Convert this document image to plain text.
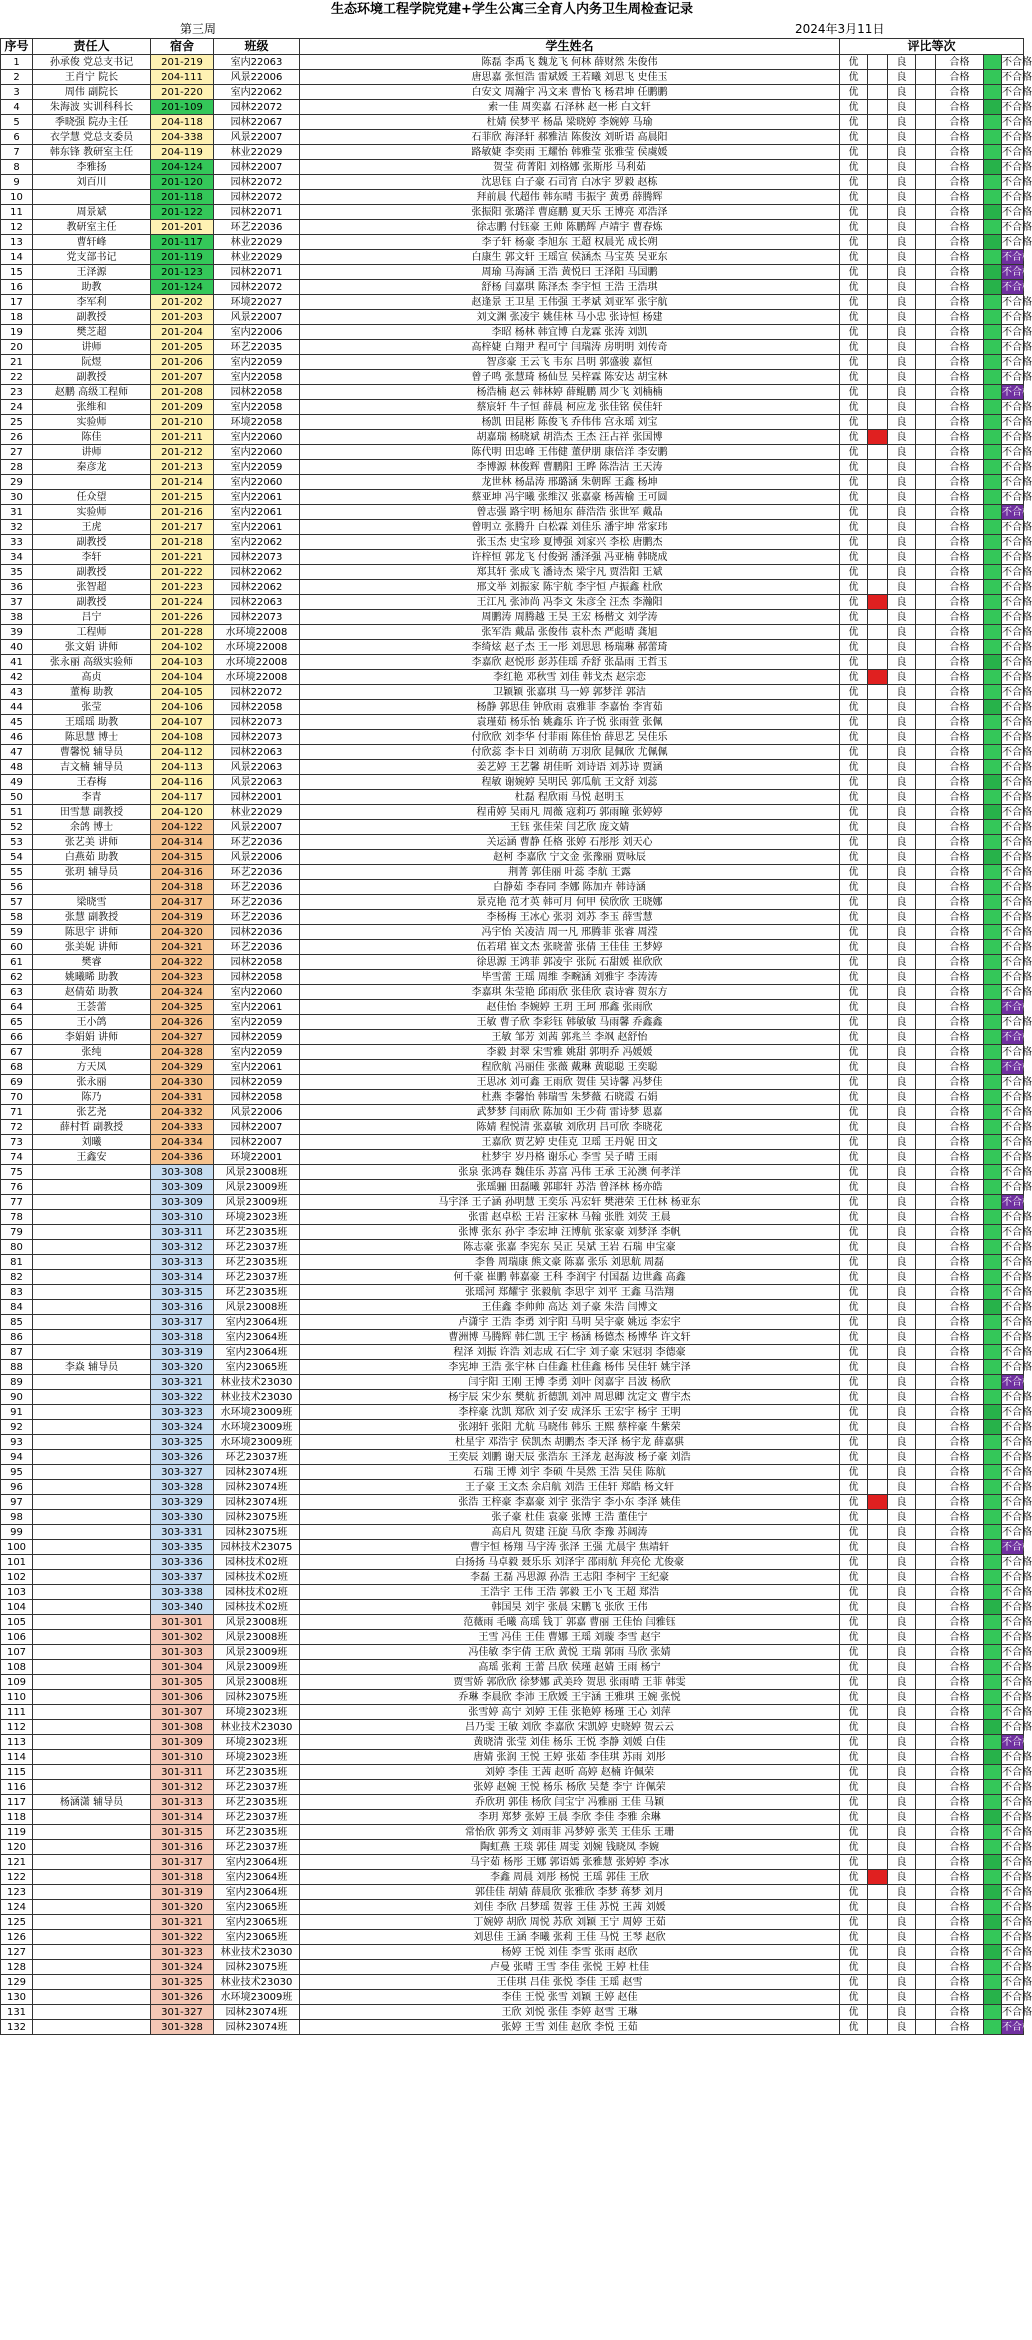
生态环境工程学院党建+学生公寓三全育人内务卫生周检查记录
第三周	2024年3月11日
序号	责任人	宿舍	班级	学生姓名	评比等次						
1	孙承俊 党总支书记	201-219	室内22063	陈磊 李禹飞 魏龙飞 何林 薛财然 朱俊伟	优		良		合格		不合格
2	王肖宁 院长	204-111	风景22006	唐思嘉 张恒浩 雷斌媛 王若曦 刘思飞 史佳玉	优		良		合格		不合格
3	周伟 副院长	201-220	室内22062	白安文 周瀚宇 冯文来 曹怡飞 杨君坤 任鹏鹏	优		良		合格		不合格
4	朱海波 实训科科长	201-109	园林22072	索一佳 周奕嘉 石泽林 赵一彬 白文轩	优		良		合格		不合格
5	季晓强 院办主任	204-118	园林22067	杜婧 侯梦平 杨晶 梁晓婷 李婉婷 马瑜	优		良		合格		不合格
6	衣学慧 党总支委员	204-338	风景22007	石菲欣 海泽轩 郝雅洁 陈俊汝 刘昕语 高晨阳	优		良		合格		不合格
7	韩东锋 教研室主任	204-119	林业22029	路敏婕 李奕雨 王耀怡 韩雅莹 张雅莹 侯虞媛	优		良		合格		不合格
8	李雅扬	204-124	园林22007	贺莹 荷菁阳 刘格娜 张斯彤 马利茹	优		良		合格		不合格
9	刘百川	201-120	园林22072	沈思钰 白子豪 石司宵 白冰宇 罗毅 赵栋	优		良		合格		不合格
10		201-118	园林22072	拜前晨 代超伟 韩东晴 韦振宇 黄勇 薛腾辉	优		良		合格		不合格
11	周景斌	201-122	园林22071	张振阳 张璐洋 曹庭鹏 夏天乐 王博亮 邓浩泽	优		良		合格		不合格
12	教研室主任	201-201	环艺22036	徐志鹏 付钰豪 王帅 陈鹏辉 卢靖宇 曹春炼	优		良		合格		不合格
13	曹轩峰	201-117	林业22029	李子轩 杨豪 李旭东 王超 权晨光 成长朔	优		良		合格		不合格
14	党支部书记	201-119	林业22029	白康生 郭文轩 王瑶宣 侯涵杰 马宝英 吴亚东	优		良		合格		不合格
15	王泽源	201-123	园林22071	周瑜 马海涵 王浩 黄悦曰 王泽阳 马国鹏	优		良		合格		不合格
16	助教	201-124	园林22072	舒杨 闫嘉琪 陈泽杰 李宇恒 王浩 王浩琪	优		良		合格		不合格
17	李军利	201-202	环境22027	赵逢景 王卫星 王伟强 王孝斌 刘亚军 张宇航	优		良		合格		不合格
18	副教授	201-203	风景22007	刘文渊 张凌宇 姚佳林 马小忠 张诗恒 杨建	优		良		合格		不合格
19	樊芝超	201-204	室内22006	李昭 杨林 韩宜博 白龙霖 张涛 刘凯	优		良		合格		不合格
20	讲师	201-205	环艺22035	高梓婕 白翔尹 程可宁 闫瑞涛 房明明 刘传奇	优		良		合格		不合格
21	阮煜	201-206	室内22059	智彦豪 王云飞 韦东 吕明 郭盛骏 嘉恒	优		良		合格		不合格
22	副教授	201-207	室内22058	曾子鸣 张慧琦 杨仙昱 吴梓霖 陈安达 胡宝林	优		良		合格		不合格
23	赵鹏 高级工程师	201-208	园林22058	杨浩楠 赵云 韩林婷 薛鲲鹏 周少飞 刘楠楠	优		良		合格		不合格
24	张维和	201-209	室内22058	蔡宸轩 牛子恒 薛晨 柯应龙 张佳铭 侯佳轩	优		良		合格		不合格
25	实验师	201-210	环境22058	杨凯 田昆彬 陈俊飞 乔伟伟 宫永瑶 刘宝	优		良		合格		不合格
26	陈佳	201-211	室内22060	胡嘉瑞 杨晓斌 胡浩杰 王杰 汪占祥 张国博	优		良		合格		不合格
27	讲师	201-212	室内22060	陈代明 田忠峰 王伟健 董伊朋 康倍洋 李安鹏	优		良		合格		不合格
28	秦彦龙	201-213	室内22059	李博源 林俊辉 曹鹏阳 王晔 陈浩洁 王天涛	优		良		合格		不合格
29		201-214	室内22060	龙世林 杨晶涛 邢璐涵 朱朝晖 王鑫 杨坤	优		良		合格		不合格
30	任众望	201-215	室内22061	蔡亚坤 冯宇曦 张维汉 张嘉豪 杨茜榆 王可圆	优		良		合格		不合格
31	实验师	201-216	室内22061	曾志强 路宇明 杨旭东 薛浩浩 张世军 戴晶	优		良		合格		不合格
32	王虎	201-217	室内22061	曾明立 张腾升 白松霖 刘佳乐 潘宇坤 常家玮	优		良		合格		不合格
33	副教授	201-218	室内22062	张玉杰 史宝珍 夏博强 刘家兴 李松 唐鹏杰	优		良		合格		不合格
34	李轩	201-221	园林22073	许梓恒 郭龙飞 付俊弼 潘泽强 冯亚楠 韩晓成	优		良		合格		不合格
35	副教授	201-222	园林22062	郑其轩 张成飞 潘诗杰 梁宇凡 贾浩阳 王斌	优		良		合格		不合格
36	张智超	201-223	园林22062	邢文举 刘振家 陈宇航 李宇恒 卢振鑫 杜欣	优		良		合格		不合格
37	副教授	201-224	园林22063	王江凡 张沛尚 冯李文 朱彦全 汪杰 李瀚阳	优		良		合格		不合格
38	吕宁	201-226	园林22073	周鹏涛 周腾越 王昊 王宏 杨楷文 刘学涛	优		良		合格		不合格
39	工程师	201-228	水环境22008	张军浩 戴晶 张俊伟 袁朴杰 严彪晴 龚旭	优		良		合格		不合格
40	张文娟 讲师	204-102	水环境22008	李绮炫 赵子杰 王一彤 刘思思 杨瑞琳 郝蕾琦	优		良		合格		不合格
41	张永丽 高级实验师	204-103	水环境22008	李嘉欣 赵悦形 彭苏佳瑶 乔舒 张晶雨 王哲玉	优		良		合格		不合格
42	高贞	204-104	水环境22008	李红艳 邓秋雪 刘佳 韩戈杰 赵宗恋	优		良		合格		不合格
43	董梅 助教	204-105	园林22072	卫颖颖 张嘉琪 马一婷 郭梦洋 郭洁	优		良		合格		不合格
44	张莹	204-106	园林22058	杨静 郭思佳 钟欣雨 袁雅菲 李嘉怡 李宵茹	优		良		合格		不合格
45	王瑶瑶 助教	204-107	园林22073	袁瑾茹 杨乐怡 姚鑫乐 许子悦 张雨萱 张佩	优		良		合格		不合格
46	陈思慧 博士	204-108	园林22073	付欣欣 刘李华 付菲雨 陈佳怡 薛思艺 吴佳乐	优		良		合格		不合格
47	曹馨悦 辅导员	204-112	园林22063	付欣蕊 李卡日 刘萌萌 万羽欣 昆佩欣 尤佩佩	优		良		合格		不合格
48	吉文楠 辅导员	204-113	风景22063	姜艺婷 王艺馨 胡佳昕 刘诗语 刘苏诗 贾涵	优		良		合格		不合格
49	王春梅	204-116	风景22063	程敏 谢婉婷 吴明民 郭瓜航 王文舒 刘蕊	优		良		合格		不合格
50	李青	204-117	园林22001	杜磊 程欣雨 马悦 赵明玉	优		良		合格		不合格
51	田雪慧 副教授	204-120	林业22029	程甫婷 吴雨凡 周薇 寇莉巧 郭雨瞳 张婷婷	优		良		合格		不合格
52	余鸽 博士	204-122	风景22007	王钰 张佳荣 闫艺欣 庞文婧	优		良		合格		不合格
53	张艺美 讲师	204-314	环艺22036	关运涵 曹静 任格 张婷 石彤彤 刘天心	优		良		合格		不合格
54	白燕茹 助教	204-315	风景22006	赵柯 李嘉欣 宁文金 张豫丽 贾咏辰	优		良		合格		不合格
55	张玥 辅导员	204-316	环艺22036	荆菁 郭佳丽 叶蕊 李航 王露	优		良		合格		不合格
56		204-318	环艺22036	白静茹 李春同 李娜 陈加卉 韩诗涵	优		良		合格		不合格
57	梁晓雪	204-317	环艺22036	景克艳 范才英 韩可月 何甲 侯欣欣 王晓娜	优		良		合格		不合格
58	张慧 副教授	204-319	环艺22036	李杨梅 王冰心 张羽 刘苏 李玉 薛雪慧	优		良		合格		不合格
59	陈思宇 讲师	204-320	园林22036	冯宇怡 关凌洁 周一凡 邢腾菲 张睿 周滢	优		良		合格		不合格
60	张美妮 讲师	204-321	环艺22036	伍若珺 崔文杰 张晓蕾 张倩 王佳佳 王梦婷	优		良		合格		不合格
61	樊睿	204-322	园林22058	徐思源 王鸿菲 郭凌宇 张阮 石甜媛 崔欣欣	优		良		合格		不合格
62	姚曦晞 助教	204-323	园林22058	毕雪蕾 王瑶 周维 李畹涵 刘雅宇 李涛涛	优		良		合格		不合格
63	赵倩茹 助教	204-324	室内22060	李嘉琪 朱莹艳 邱雨欣 张佳欣 袁诗睿 贺东方	优		良		合格		不合格
64	王荟蕾	204-325	室内22061	赵佳怡 李婉婷 王玥 王珂 邢鑫 张雨欣	优		良		合格		不合格
65	王小鸽	204-326	室内22059	王敏 曹子欣 李彩钰 韩敏敏 马雨馨 乔鑫鑫	优		良		合格		不合格
66	李娟娟 讲师	204-327	园林22059	王敏 邹芳 刘茜 郭兆兰 李飒 赵舒怡	优		良		合格		不合格
67	张纯	204-328	室内22059	李毅 封翠 宋雪雅 姚甜 郭明乔 冯媛媛	优		良		合格		不合格
68	方天凤	204-329	室内22061	程欣航 冯丽佳 张薇 戴琳 黄聪聪 王奕聪	优		良		合格		不合格
69	张永丽	204-330	园林22059	王思冰 刘可鑫 王雨欣 贺佳 吴诗馨 冯梦佳	优		良		合格		不合格
70	陈乃	204-331	园林22058	杜燕 李馨怡 韩瑞雪 朱梦薇 石晓霞 石娟	优		良		合格		不合格
71	张艺尧	204-332	风景22006	武梦梦 闫雨欣 陈加如 王少荷 雷诗梦 恩嘉	优		良		合格		不合格
72	薛村哲 副教授	204-333	园林22007	陈婧 程悦清 张嘉敏 刘欣玥 吕可欣 李晓花	优		良		合格		不合格
73	刘曦	204-334	园林22007	王嘉欣 贾艺婷 史佳克 卫瑶 王丹妮 田文	优		良		合格		不合格
74	王鑫安	204-336	环境22001	杜梦宇 岁丹格 谢乐心 李雪 吴子晴 王雨	优		良		合格		不合格
75		303-308	风景23008班	张泉 张鸿春 魏佳乐 苏富 冯伟 王承 王沁澳 何孝洋	优		良		合格		不合格
76		303-309	风景23009班	张瑶骊 田磊曦 郭耶轩 苏浩 曾泽林 杨亦皓	优		良		合格		不合格
77		303-309	风景23009班	马宇泽 王子涵 孙明慧 王奕乐 冯宏轩 樊港荣 王仕林 杨亚东	优		良		合格		不合格
78		303-310	环境23023班	张雷 赵卓松 王岩 汪家林 马翰 张胜 刘荧 王晨	优		良		合格		不合格
79		303-311	环艺23035班	张博 张东 孙宇 李宏坤 汪博航 张家豪 刘梦泽 李帆	优		良		合格		不合格
80		303-312	环艺23037班	陈志豪 张嘉 李宪东 吴正 吴斌 王岩 石瑞 申宝豪	优		良		合格		不合格
81		303-313	环艺23035班	李鲁 周瑞康 熊文豪 陈嘉 张乐 刘思航 周磊	优		良		合格		不合格
82		303-314	环艺23037班	何千豪 崔鹏 韩嘉豪 王科 李润宇 付国磊 边世鑫 高鑫	优		良		合格		不合格
83		303-315	环艺23035班	张瑶河 郑耀宇 张毅航 李思宇 刘平 王鑫 马浩翔	优		良		合格		不合格
84		303-316	风景23008班	王佳鑫 李帅帅 高达 刘子豪 朱浩 闫博文	优		良		合格		不合格
85		303-317	室内23064班	卢潇宇 王浩 李勇 刘宇阳 马明 吴宇豪 姚远 李宏宇	优		良		合格		不合格
86		303-318	室内23064班	曹洲博 马腾辉 韩仁凯 王宇 杨涵 杨德杰 杨博华 许文轩	优		良		合格		不合格
87		303-319	室内23064班	程泽 刘振 许浩 刘志成 石仁宇 刘子豪 宋冠羽 李德豪	优		良		合格		不合格
88	李焱 辅导员	303-320	室内23065班	李宪坤 王浩 张宇林 白佳鑫 杜佳鑫 杨伟 吴佳轩 姚宇泽	优		良		合格		不合格
89		303-321	林业技术23030	闫宇阳 王刚 王博 李勇 刘叶 闵嘉宇 吕波 杨欣	优		良		合格		不合格
90		303-322	林业技术23030	杨宇辰 宋少东 樊航 折德凯 刘冲 周思卿 沈定文 曹宇杰	优		良		合格		不合格
91		303-323	水环境23009班	李梓豪 沈凯 郑欣 刘子安 成泽乐 王宏宇 杨宇 王明	优		良		合格		不合格
92		303-324	水环境23009班	张翊轩 张阳 尤航 马晓伟 韩乐 王熙 蔡梓豪 牛紫荣	优		良		合格		不合格
93		303-325	水环境23009班	杜星宇 邓浩宇 侯凯杰 胡鹏杰 李天泽 杨宇龙 薛嘉骐	优		良		合格		不合格
94		303-326	环艺23037班	王奕辰 刘鹏 谢天辰 张浩东 王泽龙 赵海波 杨子豪 刘浩	优		良		合格		不合格
95		303-327	园林23074班	石瑞 王博 刘宇 李硕 牛昊然 王浩 吴佳 陈航	优		良		合格		不合格
96		303-328	园林23074班	王子豪 王文杰 余启航 刘浩 王佳轩 郑皓 杨文轩	优		良		合格		不合格
97		303-329	园林23074班	张浩 王梓豪 李嘉豪 刘宇 张浩宇 李小东 李泽 姚佳	优		良		合格		不合格
98		303-330	园林23075班	张子豪 杜佳 袁豪 张博 王浩 董佳宁	优		良		合格		不合格
99		303-331	园林23075班	高启凡 贺建 汪旋 马欣 李豫 苏阔涛	优		良		合格		不合格
100		303-335	园林技术23075	曹宇恒 杨翔 马宇涛 张泽 王强 尤晨宇 焦靖轩	优		良		合格		不合格
101		303-336	园林技术02班	白扬扬 马卓毅 聂乐乐 刘泽宇 邵雨航 拜亮伦 尤俊豪	优		良		合格		不合格
102		303-337	园林技术02班	李磊 王磊 冯思源 孙浩 王志阳 李柯宇 王纪豪	优		良		合格		不合格
103		303-338	园林技术02班	王浩宇 王伟 王浩 郭毅 王小飞 王超 郑浩	优		良		合格		不合格
104		303-340	园林技术02班	韩国昊 刘宇 张晨 宋鹏飞 张欣 王伟	优		良		合格		不合格
105		301-301	风景23008班	范薇雨 毛曦 高瑶 钱丁 郭嘉 曹丽 王佳怡 闫雅钰	优		良		合格		不合格
106		301-302	风景23008班	王雪 冯佳 王佳 曹娜 王瑶 刘璇 李雪 赵宇	优		良		合格		不合格
107		301-303	风景23009班	冯佳敏 李宇倩 王欣 黄悦 王瑞 郭雨 马欣 张婧	优		良		合格		不合格
108		301-304	风景23009班	高瑶 张莉 王蕾 吕欣 侯瑾 赵婧 王雨 杨宁	优		良		合格		不合格
109		301-305	风景23008班	贾雪娇 郭欣欣 徐梦娜 武美玲 贺思 张雨晴 王菲 韩雯	优		良		合格		不合格
110		301-306	园林23075班	乔琳 李晨欣 李沛 王欣媛 王宇涵 王雅琪 王婉 张悦	优		良		合格		不合格
111		301-307	环境23023班	张雪婷 高宁 刘婷 王佳 张艳婷 杨瑾 王心 刘萍	优		良		合格		不合格
112		301-308	林业技术23030	吕乃雯 王敏 刘欣 李嘉欣 宋凯婷 史晓婷 贺云云	优		良		合格		不合格
113		301-309	环境23023班	黄晓清 张莹 刘佳 杨乐 王悦 李静 刘媛 白佳	优		良		合格		不合格
114		301-310	环境23023班	唐婧 张润 王悦 王婷 张茹 李佳琪 苏雨 刘彤	优		良		合格		不合格
115		301-311	环艺23035班	刘婷 李佳 王茜 赵昕 高婷 赵楠 许佩荣	优		良		合格		不合格
116		301-312	环艺23037班	张婷 赵婉 王悦 杨乐 杨欣 吴楚 李宁 许佩荣	优		良		合格		不合格
117	杨涵潇 辅导员	301-313	环艺23035班	乔欣玥 郭佳 杨欣 闫宝宁 冯雅丽 王佳 马颖	优		良		合格		不合格
118		301-314	环艺23037班	李玥 郑梦 张婷 王晨 李欣 李佳 李雅 余琳	优		良		合格		不合格
119		301-315	环艺23035班	常怡欣 郭秀文 刘雨菲 冯梦婷 张芙 王佳乐 王珊	优		良		合格		不合格
120		301-316	环艺23037班	陶虹燕 王琰 郭佳 周雯 刘婉 钱晓凤 李婉	优		良		合格		不合格
121		301-317	室内23064班	马宇茹 杨彤 王娜 郭语嫣 张雅慧 张婷婷 李冰	优		良		合格		不合格
122		301-318	室内23064班	李鑫 周晨 刘彤 杨悦 王瑶 郭佳 王欣	优		良		合格		不合格
123		301-319	室内23064班	郭佳佳 胡婧 薛晨欣 张雅欣 李梦 蒋梦 刘月	优		良		合格		不合格
124		301-320	室内23065班	刘佳 李欣 吕梦瑶 贺蓉 王佳 苏悦 王茜 刘媛	优		良		合格		不合格
125		301-321	室内23065班	丁婉婷 胡欣 周悦 苏欣 刘颖 王宁 周婷 王茹	优		良		合格		不合格
126		301-322	室内23065班	刘思佳 王涵 李曦 张莉 王佳 马悦 王琴 赵欣	优		良		合格		不合格
127		301-323	林业技术23030	杨婷 王悦 刘佳 李雪 张雨 赵欣	优		良		合格		不合格
128		301-324	园林23075班	卢曼 张晴 王雪 李佳 张悦 王婷 杜佳	优		良		合格		不合格
129		301-325	林业技术23030	王佳琪 吕佳 张悦 李佳 王瑶 赵雪	优		良		合格		不合格
130		301-326	水环境23009班	李佳 王悦 张雪 刘颖 王婷 赵佳	优		良		合格		不合格
131		301-327	园林23074班	王欣 刘悦 张佳 李婷 赵雪 王琳	优		良		合格		不合格
132		301-328	园林23074班	张婷 王雪 刘佳 赵欣 李悦 王茹	优		良		合格		不合格
